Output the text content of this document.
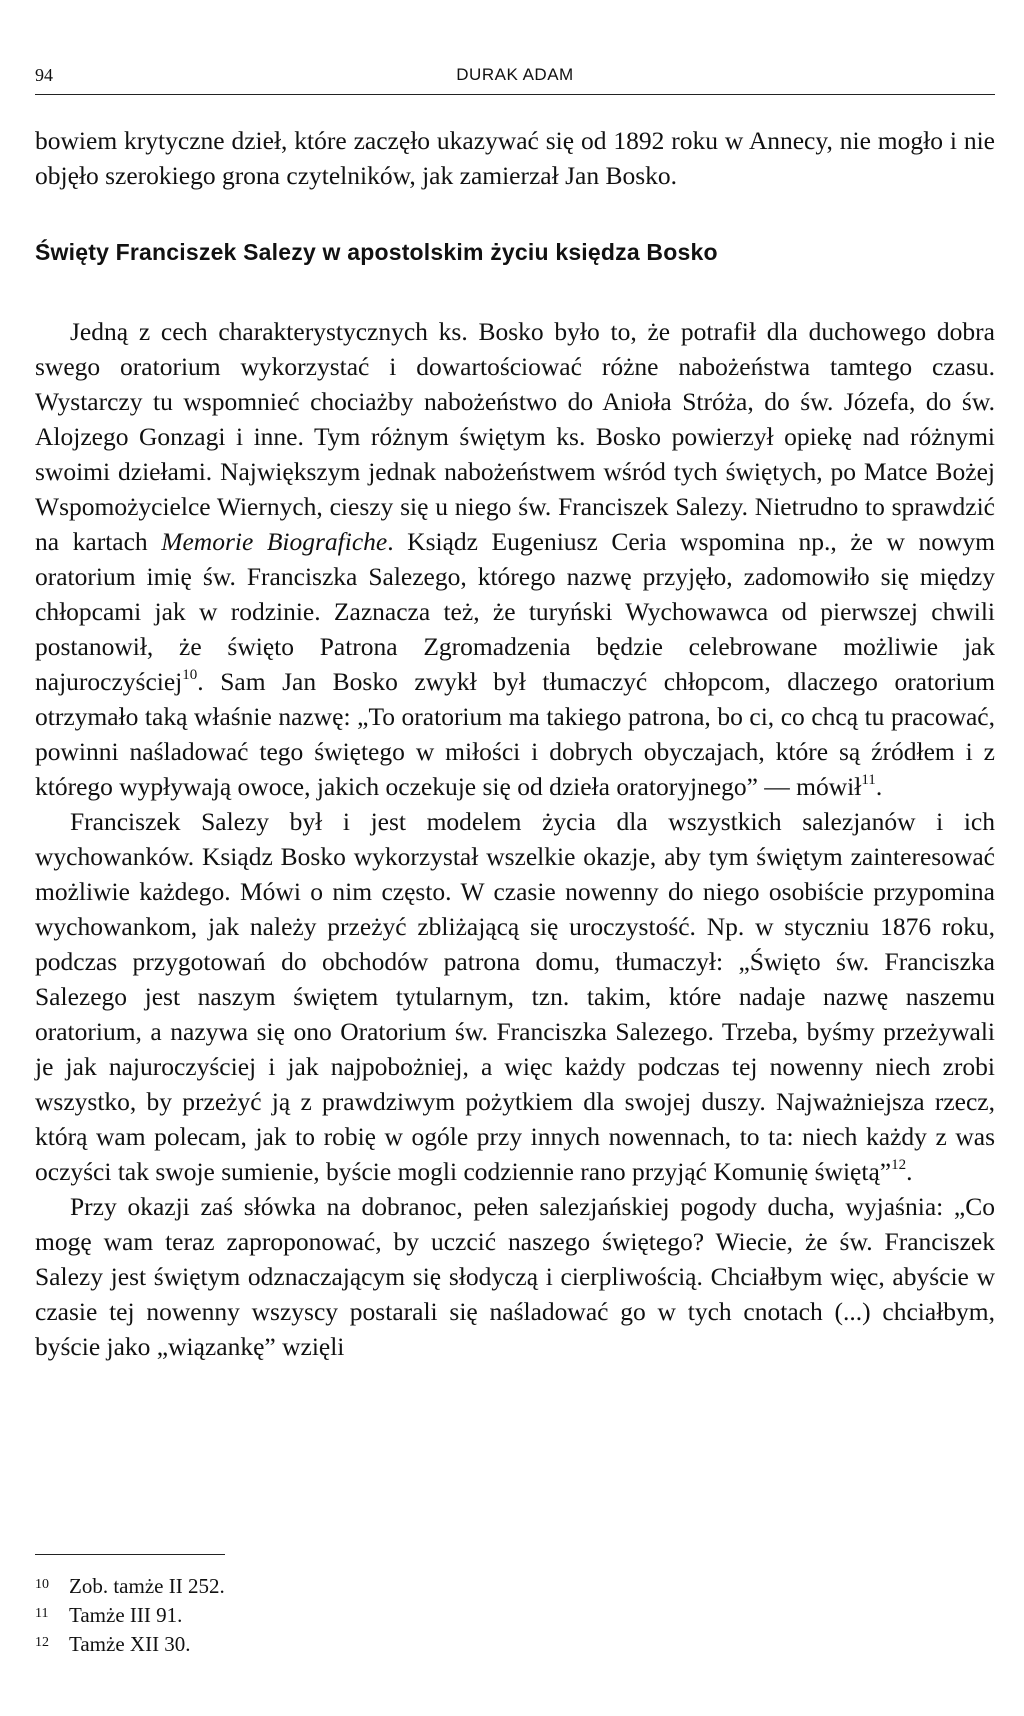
94	DURAK ADAM

bowiem krytyczne dzieł, które zaczęło ukazywać się od 1892 roku w Annecy, nie mogło i nie objęło szerokiego grona czytelników, jak zamierzał Jan Bosko.

Święty Franciszek Salezy w apostolskim życiu księdza Bosko

Jedną z cech charakterystycznych ks. Bosko było to, że potrafił dla duchowego dobra swego oratorium wykorzystać i dowartościować różne nabożeństwa tamtego czasu. Wystarczy tu wspomnieć chociażby nabożeństwo do Anioła Stróża, do św. Józefa, do św. Alojzego Gonzagi i inne. Tym różnym świętym ks. Bosko powierzył opiekę nad różnymi swoimi dziełami. Największym jednak nabożeństwem wśród tych świętych, po Matce Bożej Wspomożycielce Wiernych, cieszy się u niego św. Franciszek Salezy. Nietrudno to sprawdzić na kartach Memorie Biografiche. Ksiądz Eugeniusz Ceria wspomina np., że w nowym oratorium imię św. Franciszka Salezego, którego nazwę przyjęło, zadomowiło się między chłopcami jak w rodzinie. Zaznacza też, że turyński Wychowawca od pierwszej chwili postanowił, że święto Patrona Zgromadzenia będzie celebrowane możliwie jak najuroczyściej$^{10}$. Sam Jan Bosko zwykł był tłumaczyć chłopcom, dlaczego oratorium otrzymało taką właśnie nazwę: „To oratorium ma takiego patrona, bo ci, co chcą tu pracować, powinni naśladować tego świętego w miłości i dobrych obyczajach, które są źródłem i z którego wypływają owoce, jakich oczekuje się od dzieła oratoryjnego” — mówił$^{11}$.

Franciszek Salezy był i jest modelem życia dla wszystkich salezjanów i ich wychowanków. Ksiądz Bosko wykorzystał wszelkie okazje, aby tym świętym zainteresować możliwie każdego. Mówi o nim często. W czasie nowenny do niego osobiście przypomina wychowankom, jak należy przeżyć zbliżającą się uroczystość. Np. w styczniu 1876 roku, podczas przygotowań do obchodów patrona domu, tłumaczył: „Święto św. Franciszka Salezego jest naszym świętem tytularnym, tzn. takim, które nadaje nazwę naszemu oratorium, a nazywa się ono Oratorium św. Franciszka Salezego. Trzeba, byśmy przeżywali je jak najuroczyściej i jak najpobożniej, a więc każdy podczas tej nowenny niech zrobi wszystko, by przeżyć ją z prawdziwym pożytkiem dla swojej duszy. Najważniejsza rzecz, którą wam polecam, jak to robię w ogóle przy innych nowennach, to ta: niech każdy z was oczyści tak swoje sumienie, byście mogli codziennie rano przyjąć Komunię świętą”$^{12}$.

Przy okazji zaś słówka na dobranoc, pełen salezjańskiej pogody ducha, wyjaśnia: „Co mogę wam teraz zaproponować, by uczcić naszego świętego? Wiecie, że św. Franciszek Salezy jest świętym odznaczającym się słodyczą i cierpliwością. Chciałbym więc, abyście w czasie tej nowenny wszyscy postarali się naśladować go w tych cnotach (...) chciałbym, byście jako „wiązankę” wzięli

10 Zob. tamże II 252.
11 Tamże III 91.
12 Tamże XII 30.
